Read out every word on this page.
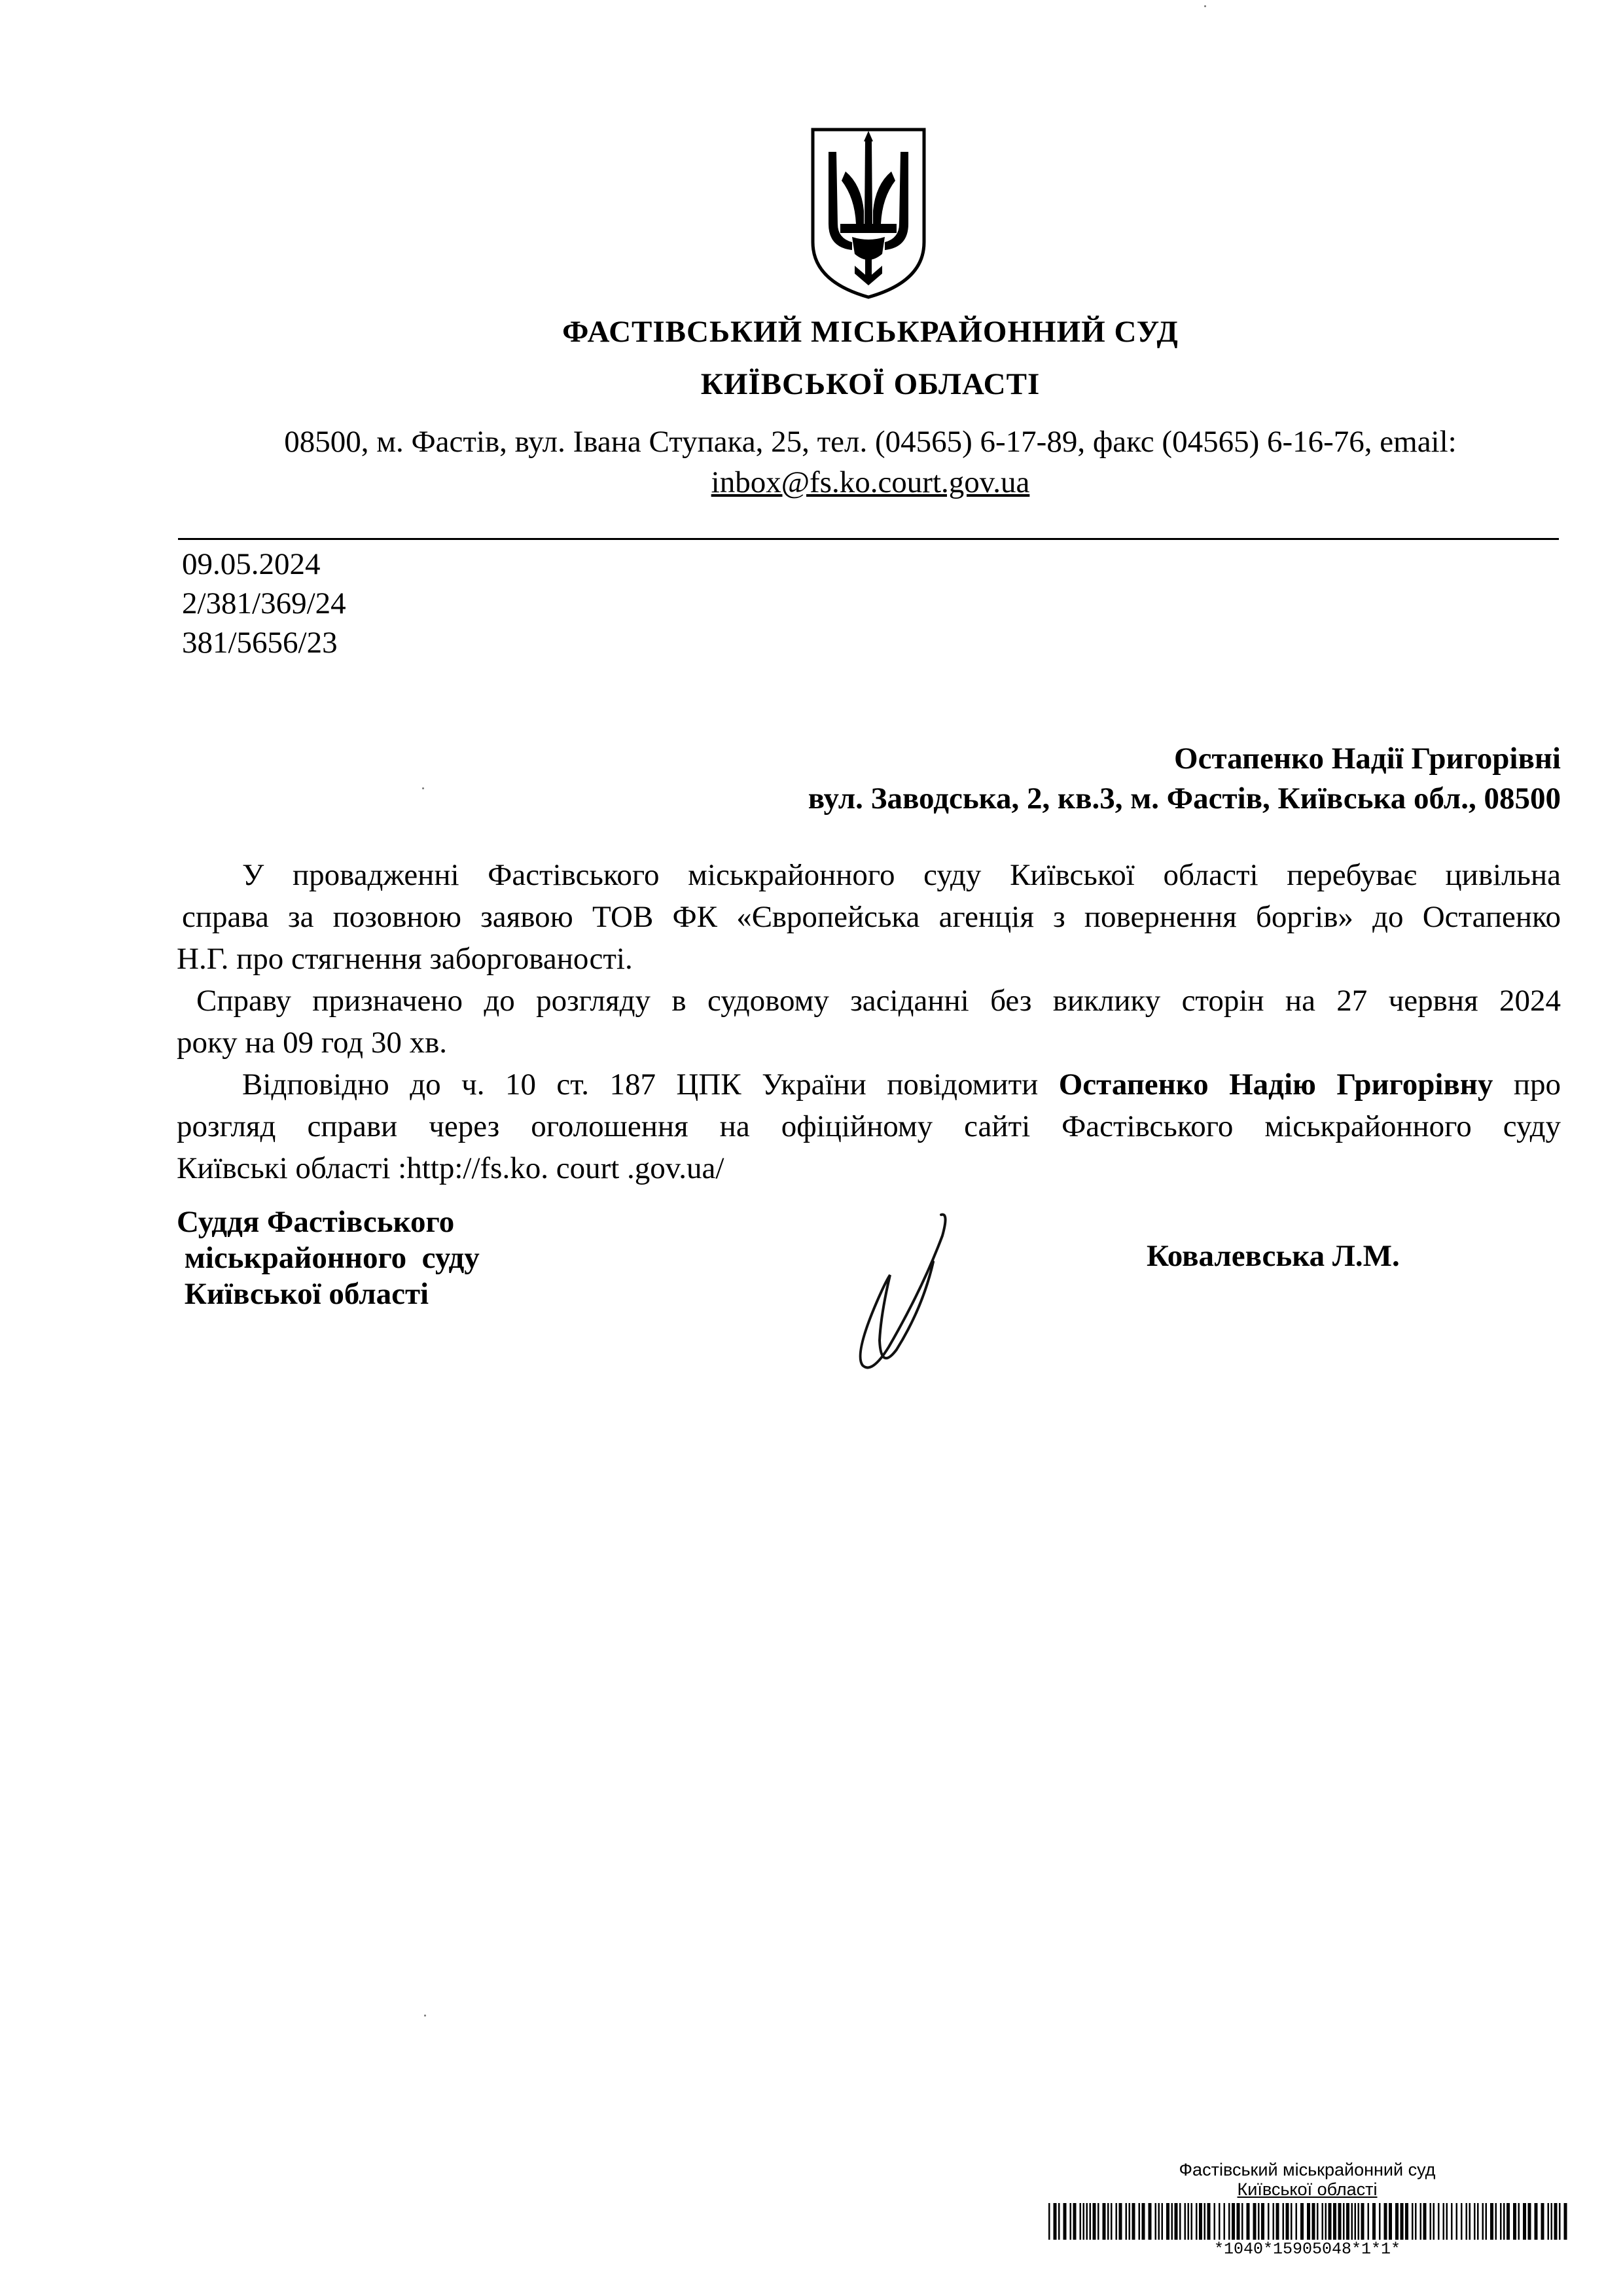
ФАСТІВСЬКИЙ МІСЬКРАЙОННИЙ СУД
КИЇВСЬКОЇ ОБЛАСТІ
08500, м. Фастів, вул. Івана Ступака, 25, тел. (04565) 6-17-89, факс (04565) 6-16-76, email:
inbox@fs.ko.court.gov.ua
09.05.2024
2/381/369/24
381/5656/23
Остапенко Надії Григорівні
вул. Заводська, 2, кв.3, м. Фастів, Київська обл., 08500
У провадженні Фастівського міськрайонного суду Київської області перебуває цивільна
справа за позовною заявою ТОВ ФК «Європейська агенція з повернення боргів» до Остапенко
Н.Г. про стягнення заборгованості.
Справу призначено до розгляду в судовому засіданні без виклику сторін на 27 червня 2024
року на 09 год 30 хв.
Відповідно до ч. 10 ст. 187 ЦПК України повідомити Остапенко Надію Григорівну про
розгляд справи через оголошення на офіційному сайті Фастівського міськрайонного суду
Київські області :http://fs.ko. court .gov.ua/
Суддя Фастівського
міськрайонного  суду
Київської області
Ковалевська Л.М.
Фастівський міськрайонний суд
Київської області
*1040*15905048*1*1*
